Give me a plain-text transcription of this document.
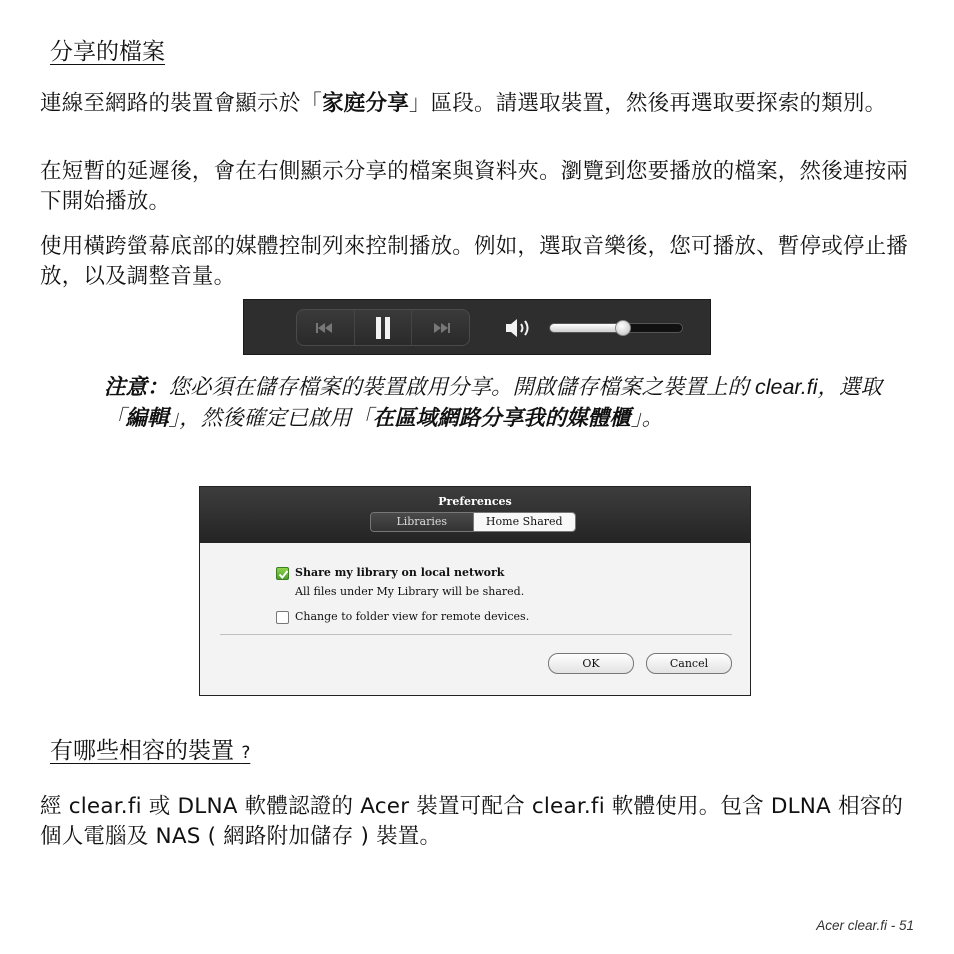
分享的檔案

連線至網路的裝置會顯示於「家庭分享」區段。請選取裝置，然後再選取要探索的類別。

在短暫的延遲後，會在右側顯示分享的檔案與資料夾。瀏覽到您要播放的檔案，然後連按兩下開始播放。

使用橫跨螢幕底部的媒體控制列來控制播放。例如，選取音樂後，您可播放、暫停或停止播放，以及調整音量。

注意：您必須在儲存檔案的裝置啟用分享。開啟儲存檔案之裝置上的 clear.fi，選取「編輯」，然後確定已啟用「在區域網路分享我的媒體櫃」。

Preferences
Libraries	Home Shared
Share my library on local network
All files under My Library will be shared.
Change to folder view for remote devices.
OK	Cancel
有哪些相容的裝置 ?

經 clear.fi 或 DLNA 軟體認證的 Acer 裝置可配合 clear.fi 軟體使用。包含 DLNA 相容的個人電腦及 NAS ( 網路附加儲存 ) 裝置。

Acer clear.fi - 51
